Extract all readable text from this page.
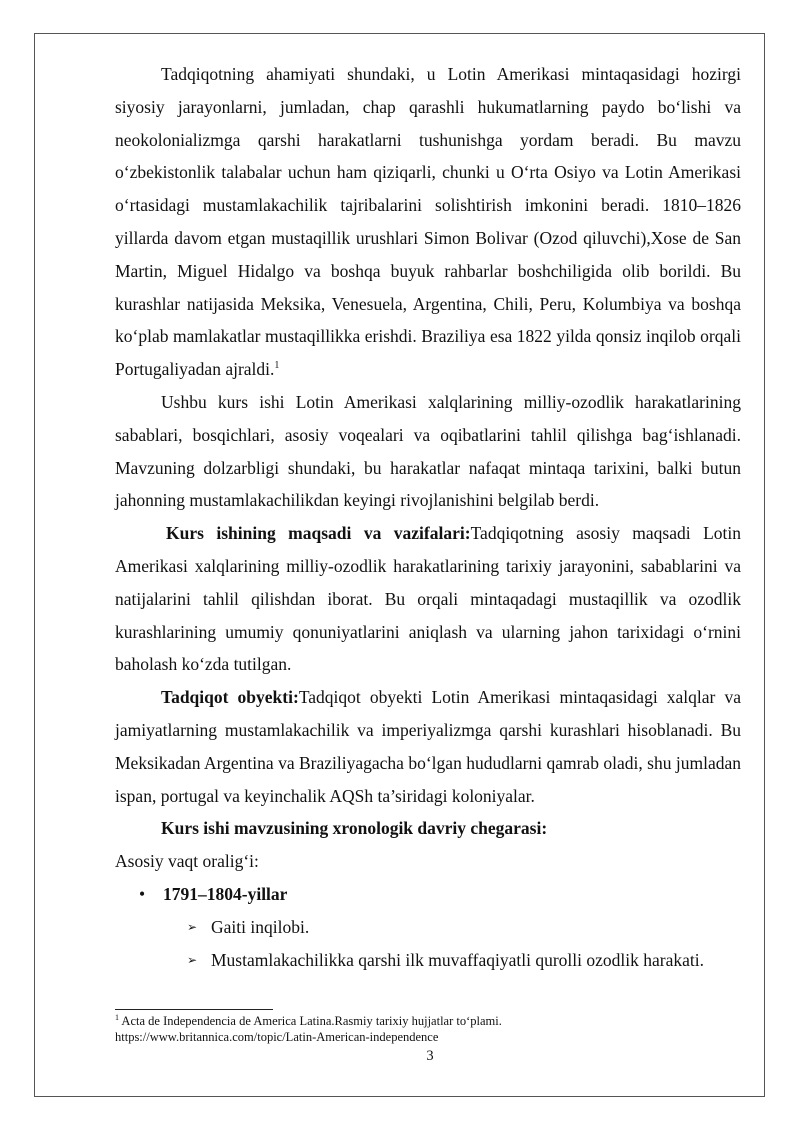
Tadqiqotning ahamiyati shundaki, u Lotin Amerikasi mintaqasidagi hozirgi siyosiy jarayonlarni, jumladan, chap qarashli hukumatlarning paydo bo‘lishi va neokolonializmga qarshi harakatlarni tushunishga yordam beradi. Bu mavzu o‘zbekistonlik talabalar uchun ham qiziqarli, chunki u O‘rta Osiyo va Lotin Amerikasi o‘rtasidagi mustamlakachilik tajribalarini solishtirish imkonini beradi. 1810–1826 yillarda davom etgan mustaqillik urushlari Simon Bolivar (Ozod qiluvchi),Xose de San Martin, Miguel Hidalgo va boshqa buyuk rahbarlar boshchiligida olib borildi. Bu kurashlar natijasida Meksika, Venesuela, Argentina, Chili, Peru, Kolumbiya va boshqa ko‘plab mamlakatlar mustaqillikka erishdi. Braziliya esa 1822 yilda qonsiz inqilob orqali Portugaliyadan ajraldi.$^1$

Ushbu kurs ishi Lotin Amerikasi xalqlarining milliy-ozodlik harakatlarining sabablari, bosqichlari, asosiy voqealari va oqibatlarini tahlil qilishga bag‘ishlanadi. Mavzuning dolzarbligi shundaki, bu harakatlar nafaqat mintaqa tarixini, balki butun jahonning mustamlakachilikdan keyingi rivojlanishini belgilab berdi.

Kurs ishining maqsadi va vazifalari:Tadqiqotning asosiy maqsadi Lotin Amerikasi xalqlarining milliy-ozodlik harakatlarining tarixiy jarayonini, sabablarini va natijalarini tahlil qilishdan iborat. Bu orqali mintaqadagi mustaqillik va ozodlik kurashlarining umumiy qonuniyatlarini aniqlash va ularning jahon tarixidagi o‘rnini baholash ko‘zda tutilgan.

Tadqiqot obyekti:Tadqiqot obyekti Lotin Amerikasi mintaqasidagi xalqlar va jamiyatlarning mustamlakachilik va imperiyalizmga qarshi kurashlari hisoblanadi. Bu Meksikadan Argentina va Braziliyagacha bo‘lgan hududlarni qamrab oladi, shu jumladan ispan, portugal va keyinchalik AQSh ta’siridagi koloniyalar.

Kurs ishi mavzusining xronologik davriy chegarasi:

Asosiy vaqt oralig‘i:

• 1791–1804-yillar
➢ Gaiti inqilobi.
➢ Mustamlakachilikka qarshi ilk muvaffaqiyatli qurolli ozodlik harakati.
$^1$ Acta de Independencia de America Latina.Rasmiy tarixiy hujjatlar to‘plami.
https://www.britannica.com/topic/Latin-American-independence
3
